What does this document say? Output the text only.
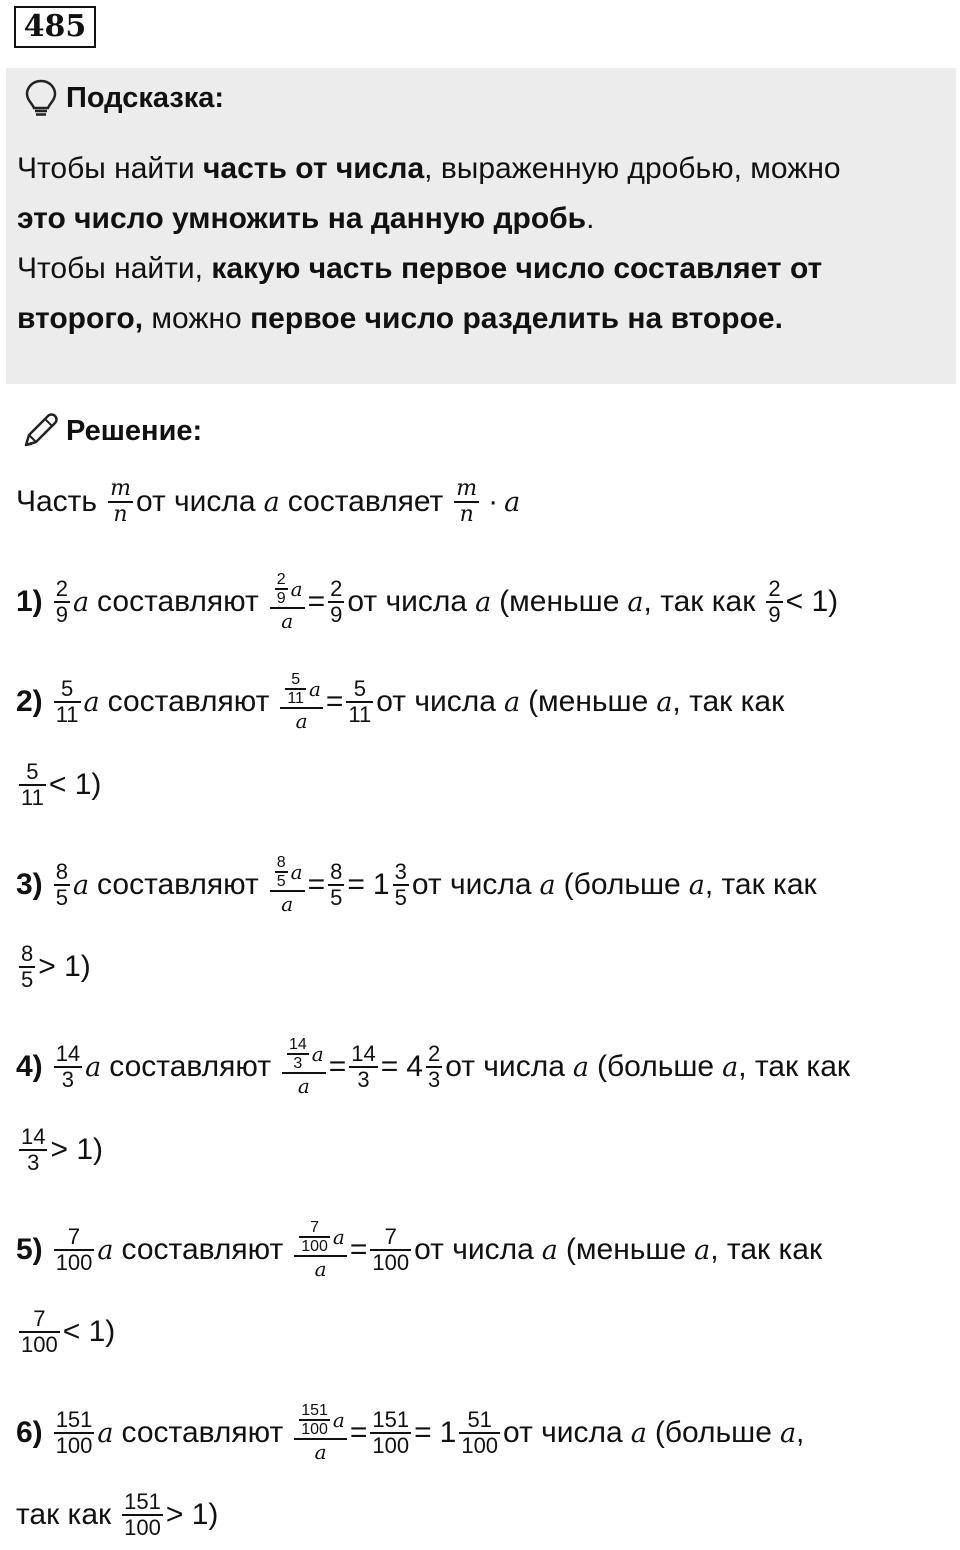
485
Подсказка:
Чтобы найти часть от числа, выраженную дробью, можно
это число умножить на данную дробь.
Чтобы найти, какую часть первое число составляет от
второго, можно первое число разделить на второе.
Решение:
Часть $\frac{m}{n}$ от числа a составляет $\frac{m}{n} \cdot a$
$1) \frac{2}{9}$ a составляют $\frac{\frac{2}{9} a}{a} = \frac{2}{9}$ от числа a (меньше a , так как $\frac{2}{9} < 1$)
$2) \frac{5}{11}$ a составляют $\frac{\frac{5}{11} a}{a} = \frac{5}{11}$ от числа a (меньше a , так как
$\frac{5}{11} < 1$)
$3) \frac{8}{5}$ a составляют $\frac{\frac{8}{5} a}{a} = \frac{8}{5} = 1 \frac{3}{5}$ от числа a (больше a , так как
$\frac{8}{5} > 1$)
$4) \frac{14}{3}$ a составляют $\frac{\frac{14}{3} a}{a} = \frac{14}{3} = 4 \frac{2}{3}$ от числа a (больше a , так как
$\frac{14}{3} > 1$)
$5) \frac{7}{100}$ a составляют $\frac{\frac{7}{100} a}{a} = \frac{7}{100}$ от числа a (меньше a , так как
$\frac{7}{100} < 1$)
$6) \frac{151}{100}$ a составляют $\frac{\frac{151}{100} a}{a} = \frac{151}{100} = 1 \frac{51}{100}$ от числа a (больше a ,
так как $\frac{151}{100} > 1$)
